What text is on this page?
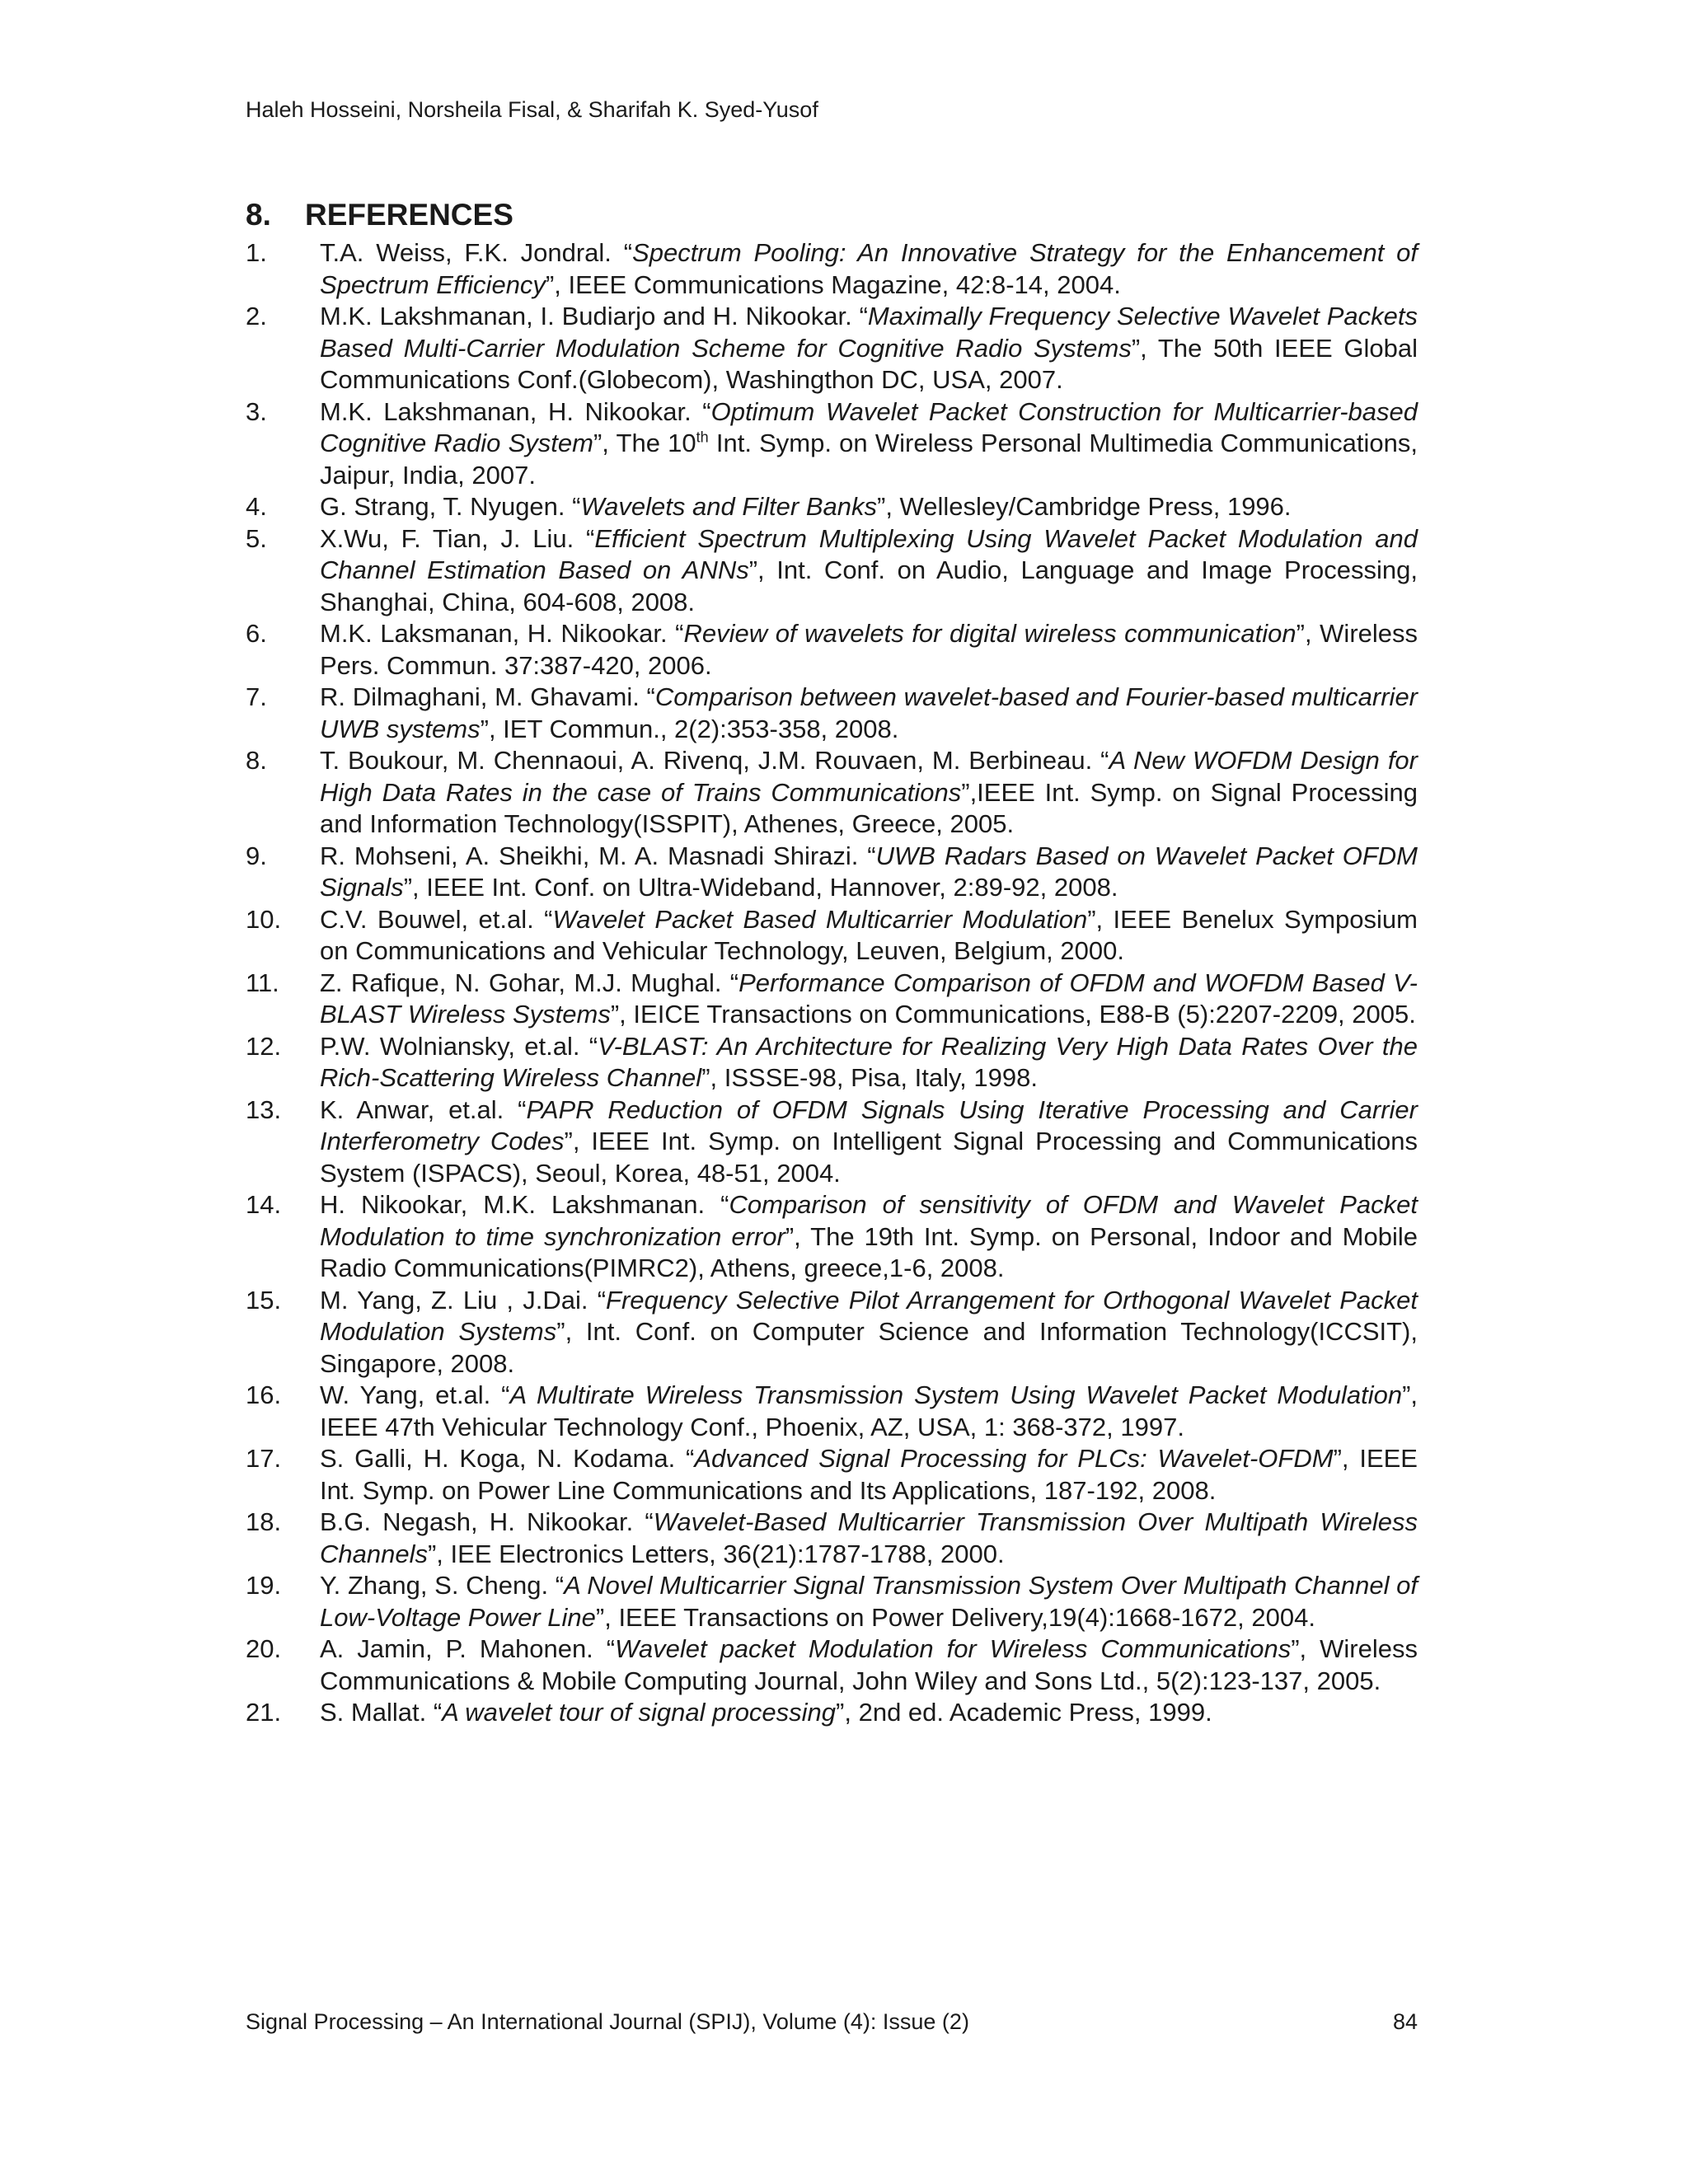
Haleh Hosseini, Norsheila Fisal, & Sharifah K. Syed-Yusof
8. REFERENCES
1. T.A. Weiss, F.K. Jondral. “Spectrum Pooling: An Innovative Strategy for the Enhancement of Spectrum Efficiency”, IEEE Communications Magazine, 42:8-14, 2004.
2. M.K. Lakshmanan, I. Budiarjo and H. Nikookar. “Maximally Frequency Selective Wavelet Packets Based Multi-Carrier Modulation Scheme for Cognitive Radio Systems”, The 50th IEEE Global Communications Conf.(Globecom), Washingthon DC, USA, 2007.
3. M.K. Lakshmanan, H. Nikookar. “Optimum Wavelet Packet Construction for Multicarrier-based Cognitive Radio System”, The 10th Int. Symp. on Wireless Personal Multimedia Communications, Jaipur, India, 2007.
4. G. Strang, T. Nyugen. “Wavelets and Filter Banks”, Wellesley/Cambridge Press, 1996.
5. X.Wu, F. Tian, J. Liu. “Efficient Spectrum Multiplexing Using Wavelet Packet Modulation and Channel Estimation Based on ANNs”, Int. Conf. on Audio, Language and Image Processing, Shanghai, China, 604-608, 2008.
6. M.K. Laksmanan, H. Nikookar. “Review of wavelets for digital wireless communication”, Wireless Pers. Commun. 37:387-420, 2006.
7. R. Dilmaghani, M. Ghavami. “Comparison between wavelet-based and Fourier-based multicarrier UWB systems”, IET Commun., 2(2):353-358, 2008.
8. T. Boukour, M. Chennaoui, A. Rivenq, J.M. Rouvaen, M. Berbineau. “A New WOFDM Design for High Data Rates in the case of Trains Communications”,IEEE Int. Symp. on Signal Processing and Information Technology(ISSPIT), Athenes, Greece, 2005.
9. R. Mohseni, A. Sheikhi, M. A. Masnadi Shirazi. “UWB Radars Based on Wavelet Packet OFDM Signals”, IEEE Int. Conf. on Ultra-Wideband, Hannover, 2:89-92, 2008.
10. C.V. Bouwel, et.al. “Wavelet Packet Based Multicarrier Modulation”, IEEE Benelux Symposium on Communications and Vehicular Technology, Leuven, Belgium, 2000.
11. Z. Rafique, N. Gohar, M.J. Mughal. “Performance Comparison of OFDM and WOFDM Based V-BLAST Wireless Systems”, IEICE Transactions on Communications, E88-B (5):2207-2209, 2005.
12. P.W. Wolniansky, et.al. “V-BLAST: An Architecture for Realizing Very High Data Rates Over the Rich-Scattering Wireless Channel”, ISSSE-98, Pisa, Italy, 1998.
13. K. Anwar, et.al. “PAPR Reduction of OFDM Signals Using Iterative Processing and Carrier Interferometry Codes”, IEEE Int. Symp. on Intelligent Signal Processing and Communications System (ISPACS), Seoul, Korea, 48-51, 2004.
14. H. Nikookar, M.K. Lakshmanan. “Comparison of sensitivity of OFDM and Wavelet Packet Modulation to time synchronization error”, The 19th Int. Symp. on Personal, Indoor and Mobile Radio Communications(PIMRC2), Athens, greece,1-6, 2008.
15. M. Yang, Z. Liu , J.Dai. “Frequency Selective Pilot Arrangement for Orthogonal Wavelet Packet Modulation Systems”, Int. Conf. on Computer Science and Information Technology(ICCSIT), Singapore, 2008.
16. W. Yang, et.al. “A Multirate Wireless Transmission System Using Wavelet Packet Modulation”, IEEE 47th Vehicular Technology Conf., Phoenix, AZ, USA, 1: 368-372, 1997.
17. S. Galli, H. Koga, N. Kodama. “Advanced Signal Processing for PLCs: Wavelet-OFDM”, IEEE Int. Symp. on Power Line Communications and Its Applications, 187-192, 2008.
18. B.G. Negash, H. Nikookar. “Wavelet-Based Multicarrier Transmission Over Multipath Wireless Channels”, IEE Electronics Letters, 36(21):1787-1788, 2000.
19. Y. Zhang, S. Cheng. “A Novel Multicarrier Signal Transmission System Over Multipath Channel of Low-Voltage Power Line”, IEEE Transactions on Power Delivery,19(4):1668-1672, 2004.
20. A. Jamin, P. Mahonen. “Wavelet packet Modulation for Wireless Communications”, Wireless Communications & Mobile Computing Journal, John Wiley and Sons Ltd., 5(2):123-137, 2005.
21. S. Mallat. “A wavelet tour of signal processing”, 2nd ed. Academic Press, 1999.
Signal Processing – An International Journal (SPIJ), Volume (4): Issue (2)	84
